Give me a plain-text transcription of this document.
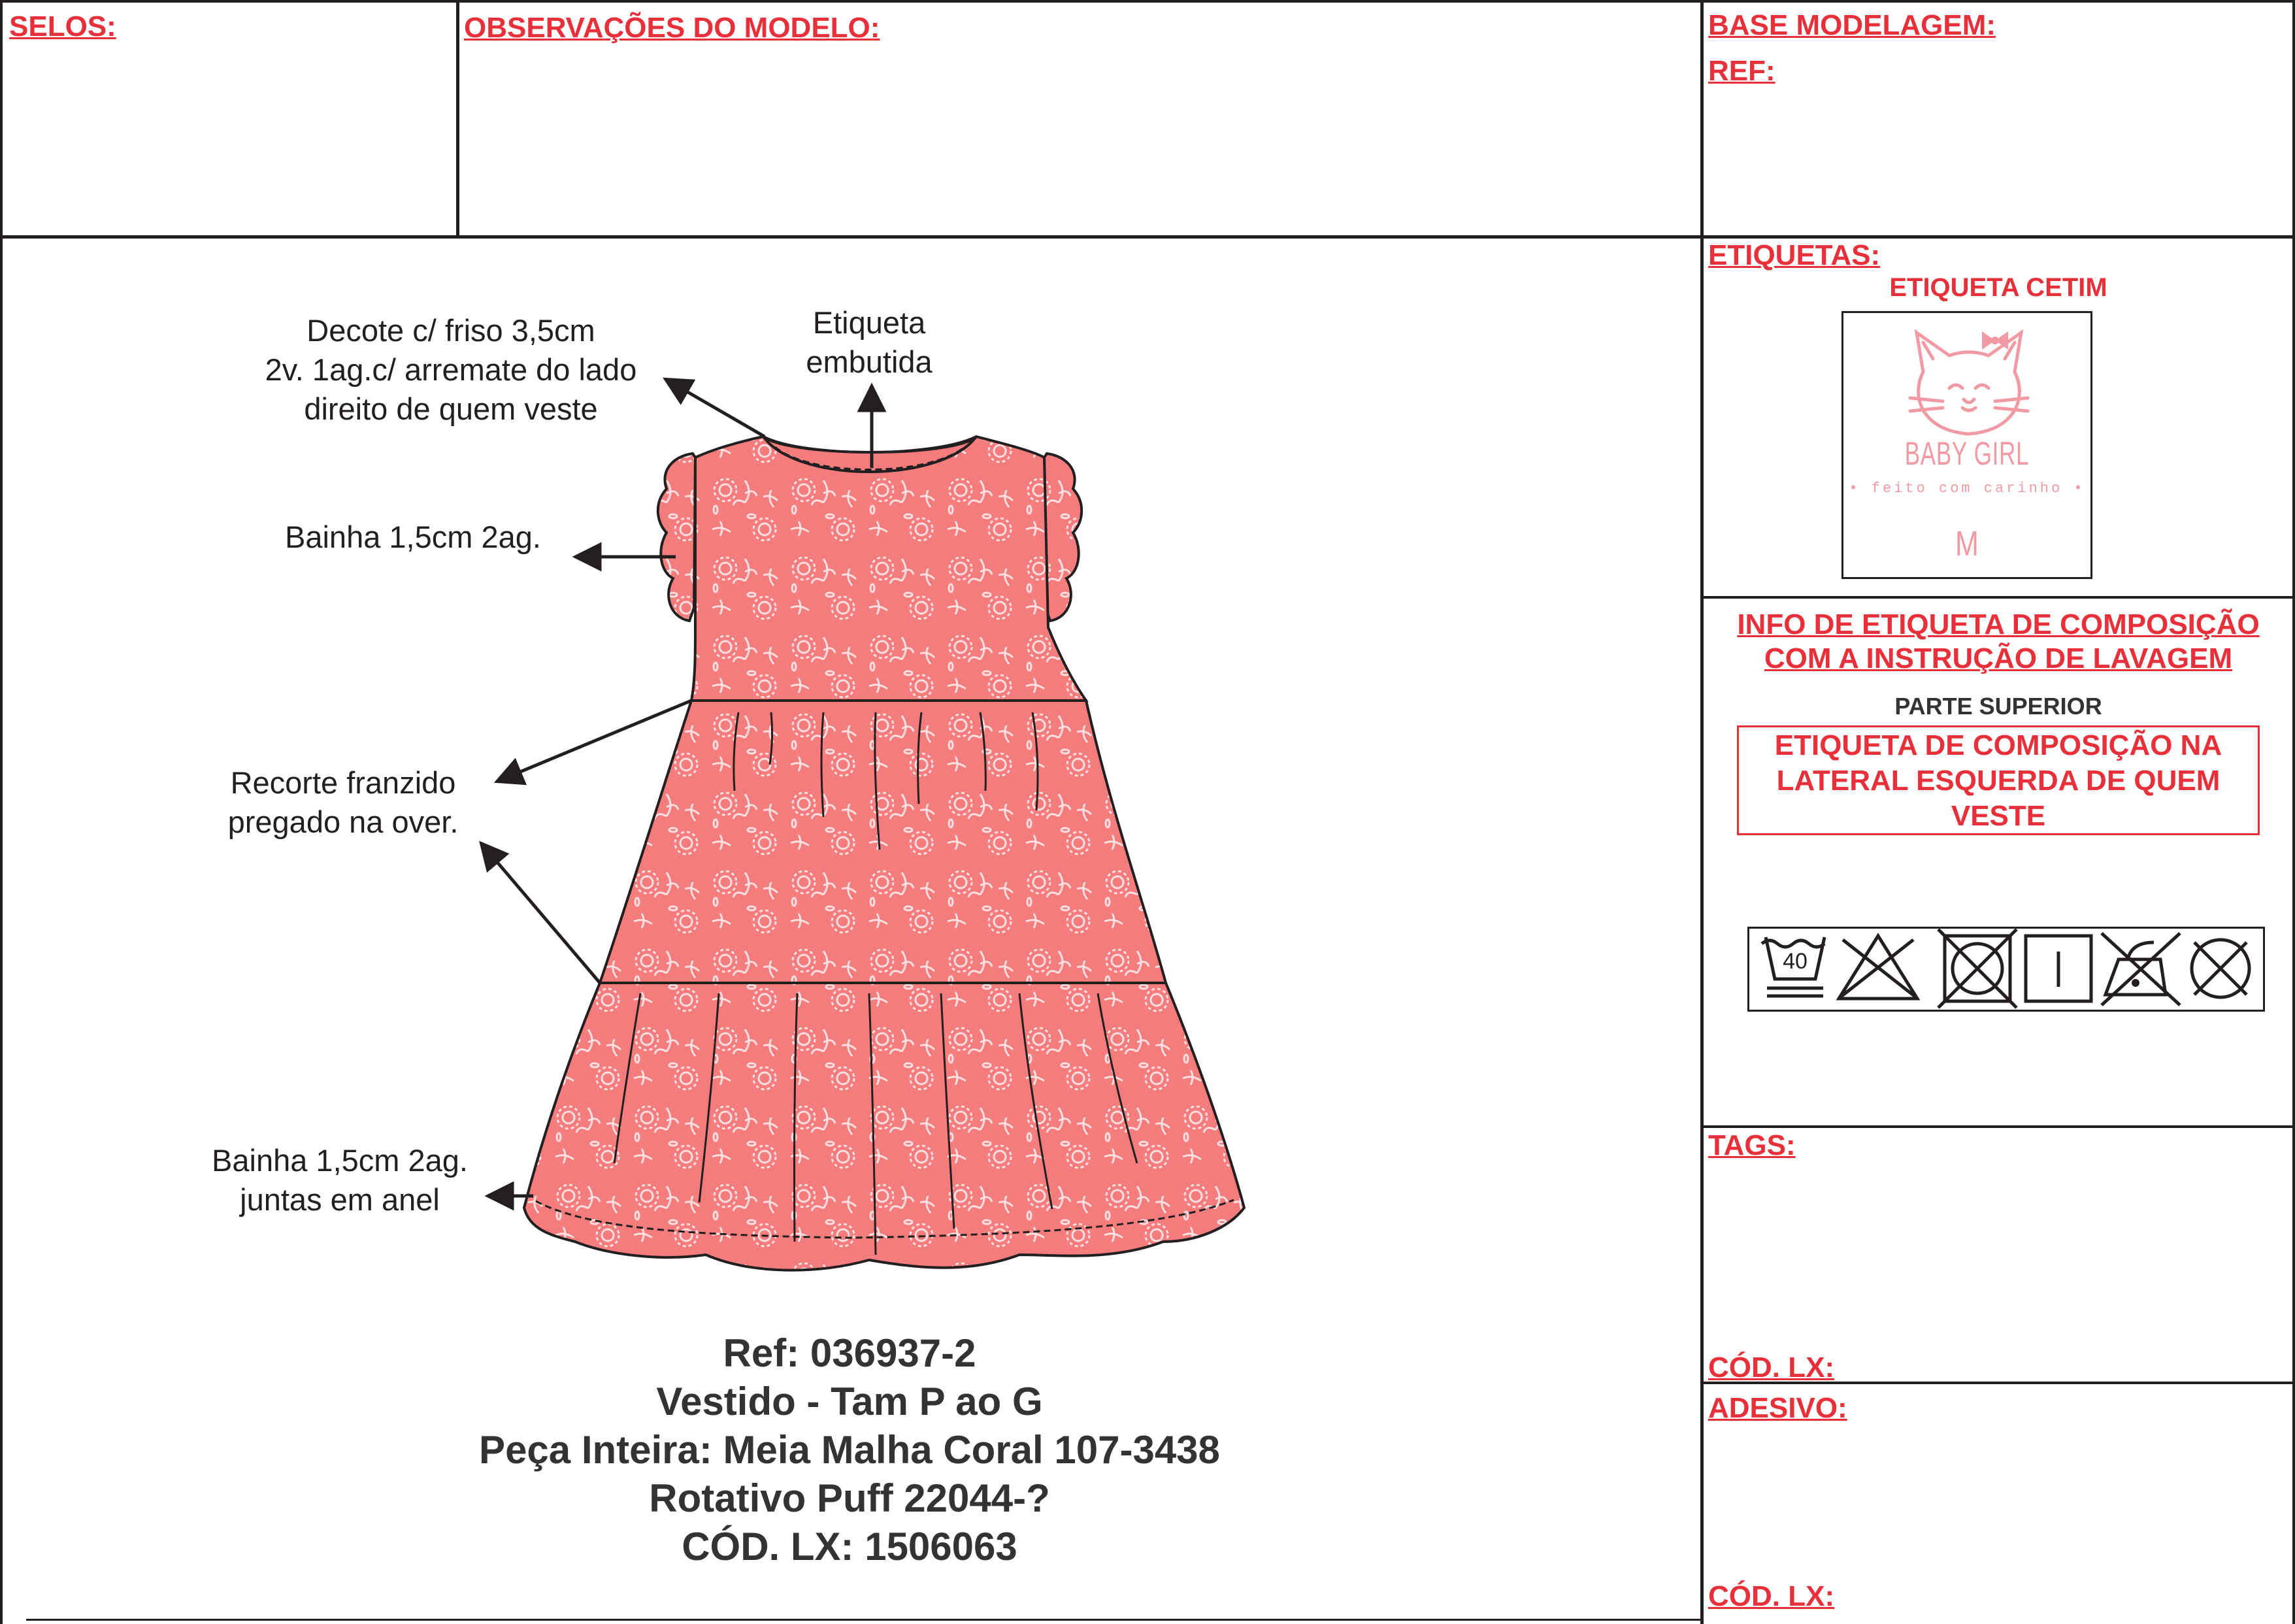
SELOS:	OBSERVAÇÕES DO MODELO:	BASE MODELAGEM:
REF:
Decote c/ friso 3,5cm
2v. 1ag.c/ arremate do lado
direito de quem veste
Etiqueta
embutida
Bainha 1,5cm 2ag.
Recorte franzido
pregado na over.
Bainha 1,5cm 2ag.
juntas em anel
Ref: 036937-2
Vestido - Tam P ao G
Peça Inteira: Meia Malha Coral 107-3438
Rotativo Puff 22044-?
CÓD. LX: 1506063
ETIQUETAS:
ETIQUETA CETIM
BABY GIRL
• feito com carinho •
M
INFO DE ETIQUETA DE COMPOSIÇÃO
COM A INSTRUÇÃO DE LAVAGEM
PARTE SUPERIOR
ETIQUETA DE COMPOSIÇÃO NA
LATERAL ESQUERDA DE QUEM
VESTE
40
TAGS:
CÓD. LX:
ADESIVO:
CÓD. LX:
